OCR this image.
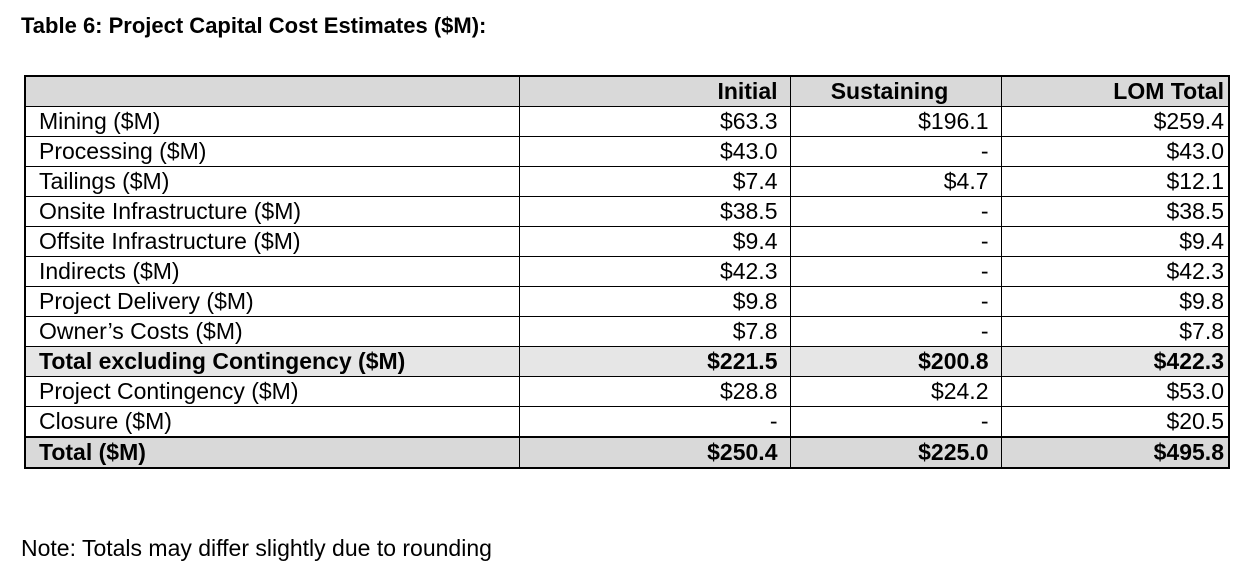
Table 6: Project Capital Cost Estimates ($M):
	Initial	Sustaining	LOM Total
Mining ($M)	$63.3	$196.1	$259.4
Processing ($M)	$43.0	-	$43.0
Tailings ($M)	$7.4	$4.7	$12.1
Onsite Infrastructure ($M)	$38.5	-	$38.5
Offsite Infrastructure ($M)	$9.4	-	$9.4
Indirects ($M)	$42.3	-	$42.3
Project Delivery ($M)	$9.8	-	$9.8
Owner’s Costs ($M)	$7.8	-	$7.8
Total excluding Contingency ($M)	$221.5	$200.8	$422.3
Project Contingency ($M)	$28.8	$24.2	$53.0
Closure ($M)	-	-	$20.5
Total ($M)	$250.4	$225.0	$495.8
Note: Totals may differ slightly due to rounding
